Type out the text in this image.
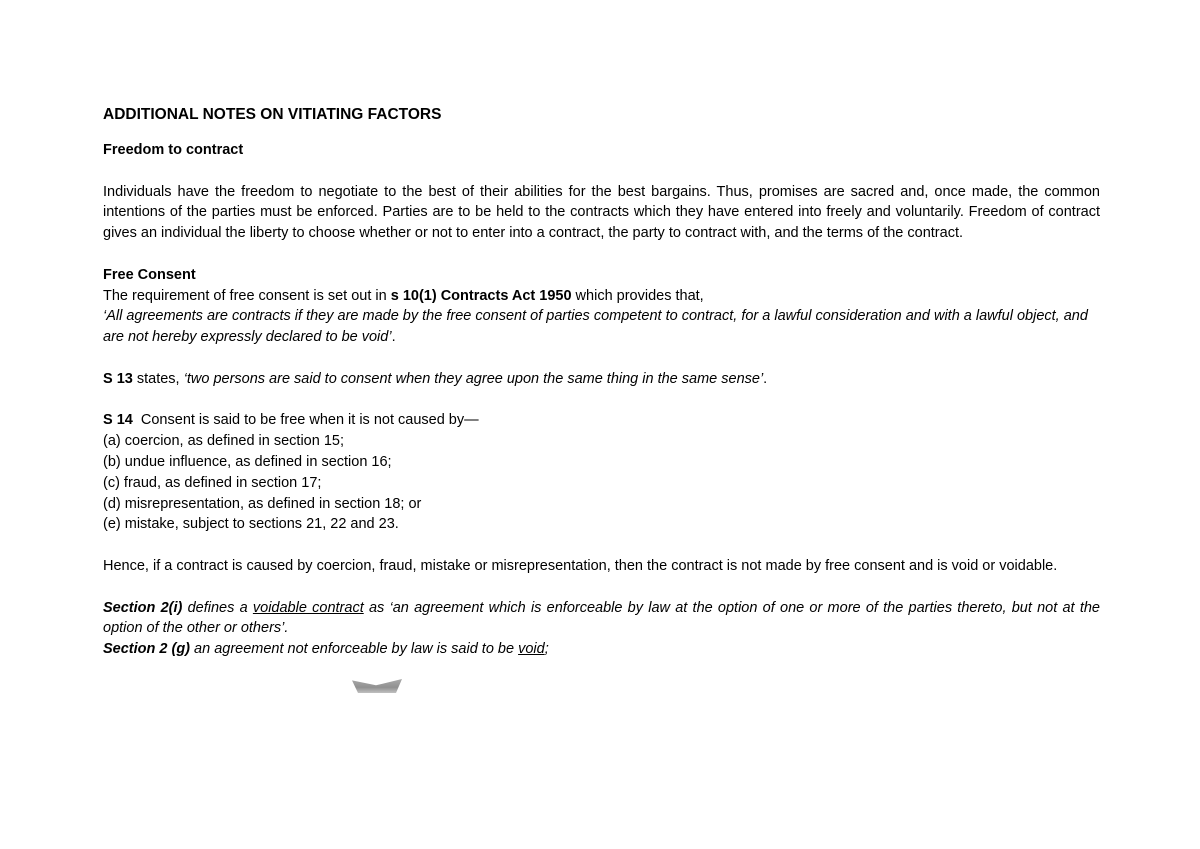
ADDITIONAL NOTES ON VITIATING FACTORS

Freedom to contract

Individuals have the freedom to negotiate to the best of their abilities for the best bargains. Thus, promises are sacred and, once made, the common intentions of the parties must be enforced. Parties are to be held to the contracts which they have entered into freely and voluntarily. Freedom of contract gives an individual the liberty to choose whether or not to enter into a contract, the party to contract with, and the terms of the contract.

Free Consent

The requirement of free consent is set out in s 10(1) Contracts Act 1950 which provides that,

‘All agreements are contracts if they are made by the free consent of parties competent to contract, for a lawful consideration and with a lawful object, and are not hereby expressly declared to be void’.

S 13 states, ‘two persons are said to consent when they agree upon the same thing in the same sense’.

S 14  Consent is said to be free when it is not caused by—

(a) coercion, as defined in section 15;

(b) undue influence, as defined in section 16;

(c) fraud, as defined in section 17;

(d) misrepresentation, as defined in section 18; or

(e) mistake, subject to sections 21, 22 and 23.

Hence, if a contract is caused by coercion, fraud, mistake or misrepresentation, then the contract is not made by free consent and is void or voidable.

Section 2(i) defines a voidable contract as ‘an agreement which is enforceable by law at the option of one or more of the parties thereto, but not at the option of the other or others’.

Section 2 (g) an agreement not enforceable by law is said to be void;
